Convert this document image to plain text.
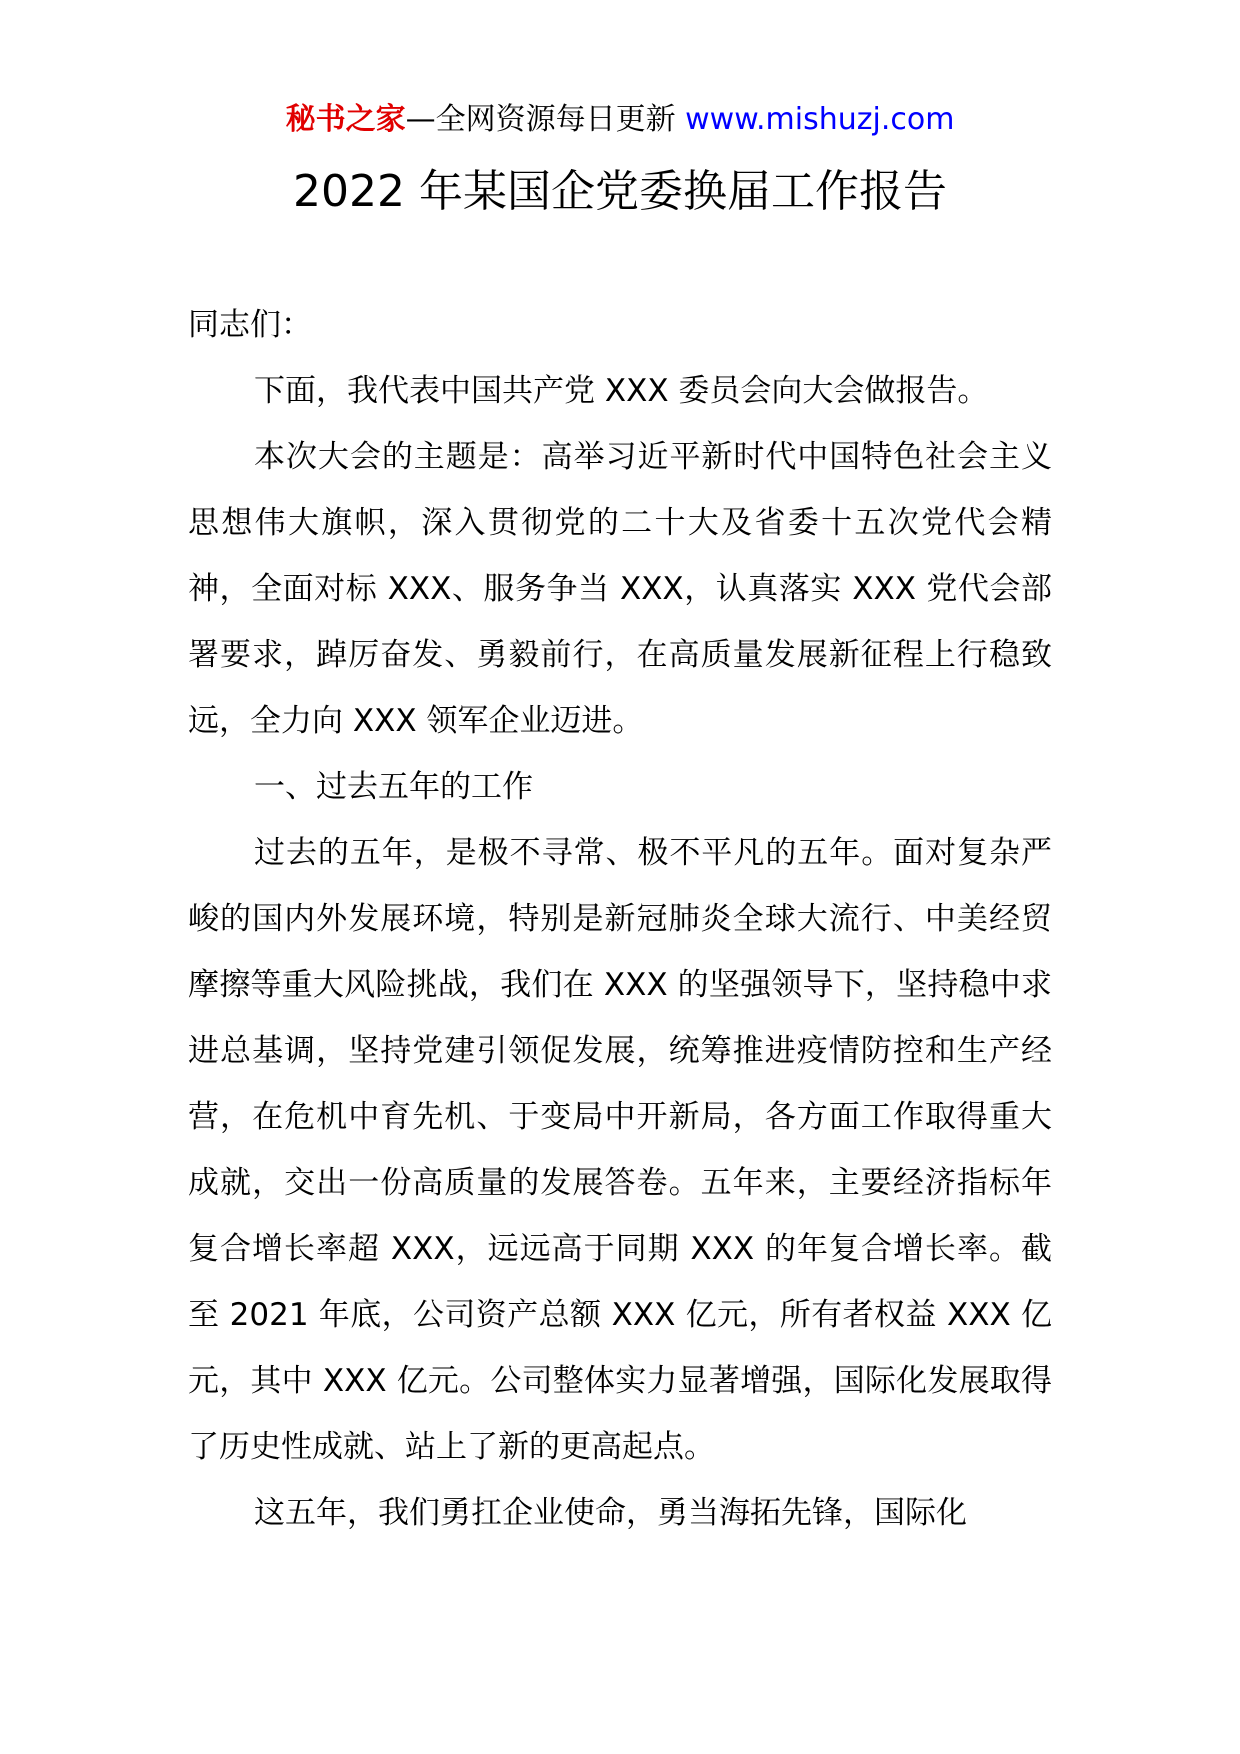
秘书之家—全网资源每日更新 www.mishuzj.com
2022 年某国企党委换届工作报告

同志们：

下面，我代表中国共产党 XXX 委员会向大会做报告。

本次大会的主题是：高举习近平新时代中国特色社会主义思想伟大旗帜，深入贯彻党的二十大及省委十五次党代会精神，全面对标 XXX、服务争当 XXX，认真落实 XXX 党代会部署要求，踔厉奋发、勇毅前行，在高质量发展新征程上行稳致远，全力向 XXX 领军企业迈进。

一、过去五年的工作

过去的五年，是极不寻常、极不平凡的五年。面对复杂严峻的国内外发展环境，特别是新冠肺炎全球大流行、中美经贸摩擦等重大风险挑战，我们在 XXX 的坚强领导下，坚持稳中求进总基调，坚持党建引领促发展，统筹推进疫情防控和生产经营，在危机中育先机、于变局中开新局，各方面工作取得重大成就，交出一份高质量的发展答卷。五年来，主要经济指标年复合增长率超 XXX，远远高于同期 XXX 的年复合增长率。截至 2021 年底，公司资产总额 XXX 亿元，所有者权益 XXX 亿元，其中 XXX 亿元。公司整体实力显著增强，国际化发展取得了历史性成就、站上了新的更高起点。

这五年，我们勇扛企业使命，勇当海拓先锋，国际化
